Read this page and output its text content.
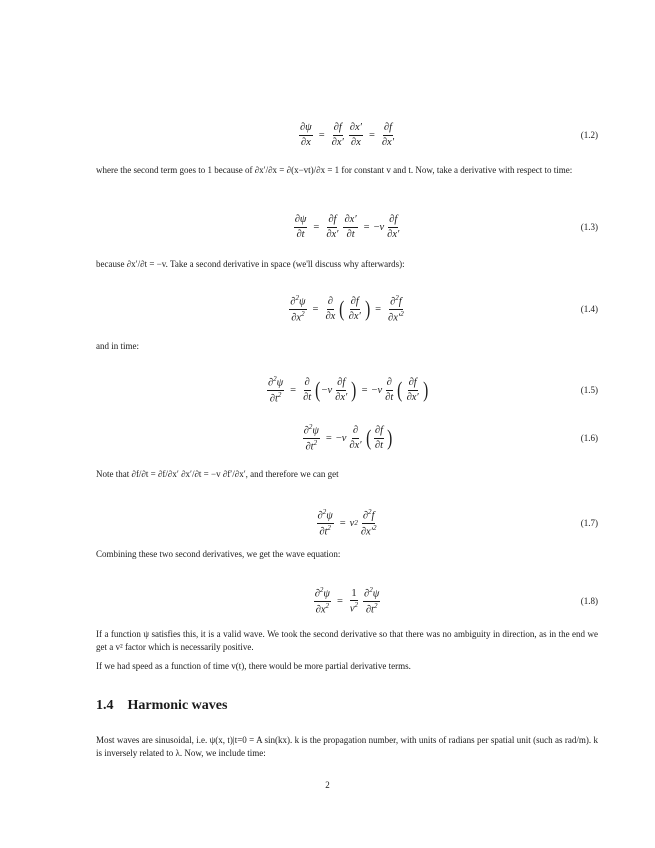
$\frac{\partial\psi}{\partial x} = \frac{\partial f}{\partial x'} \frac{\partial x'}{\partial x} = \frac{\partial f}{\partial x'}$	(1.2)
where the second term goes to 1 because of ∂x′/∂x = ∂(x−vt)/∂x = 1 for constant v and t. Now, take a derivative with respect to time:
$\frac{\partial\psi}{\partial t} = \frac{\partial f}{\partial x'} \frac{\partial x'}{\partial t}$ = − v $\frac{\partial f}{\partial x'}$	(1.3)
because ∂x′/∂t = −v. Take a second derivative in space (we'll discuss why afterwards):
$\frac{\partial^2\psi}{\partial x^2} = \frac{\partial}{\partial x}$ ( $\frac{\partial f}{\partial x'}$ ) = $\frac{\partial^2f}{\partial x'^2}$	(1.4)
and in time:
$\frac{\partial^2\psi}{\partial t^2} = \frac{\partial}{\partial t}$ ( − v $\frac{\partial f}{\partial x'}$ ) = − v $\frac{\partial}{\partial t}$ ( $\frac{\partial f}{\partial x'}$ )	(1.5)
$\frac{\partial^2\psi}{\partial t^2}$ = − v $\frac{\partial}{\partial x'}$ ( $\frac{\partial f}{\partial t}$ )	(1.6)
Note that ∂f/∂t = ∂f/∂x′ ∂x′/∂t = −v ∂f′/∂x′, and therefore we can get
$\frac{\partial^2\psi}{\partial t^2} = v$ $2 \frac{\partial^2f}{\partial x'^2}$	(1.7)
Combining these two second derivatives, we get the wave equation:
$\frac{\partial^2\psi}{\partial x^2} = \frac{1}{v^2} \frac{\partial^2\psi}{\partial t^2}$	(1.8)
If a function ψ satisfies this, it is a valid wave. We took the second derivative so that there was no ambiguity in direction, as in the end we get a v² factor which is necessarily positive.
If we had speed as a function of time v(t), there would be more partial derivative terms.
1.4 Harmonic waves
Most waves are sinusoidal, i.e. ψ(x, t)|t=0 = A sin(kx). k is the propagation number, with units of radians per spatial unit (such as rad/m). k is inversely related to λ. Now, we include time:
2
